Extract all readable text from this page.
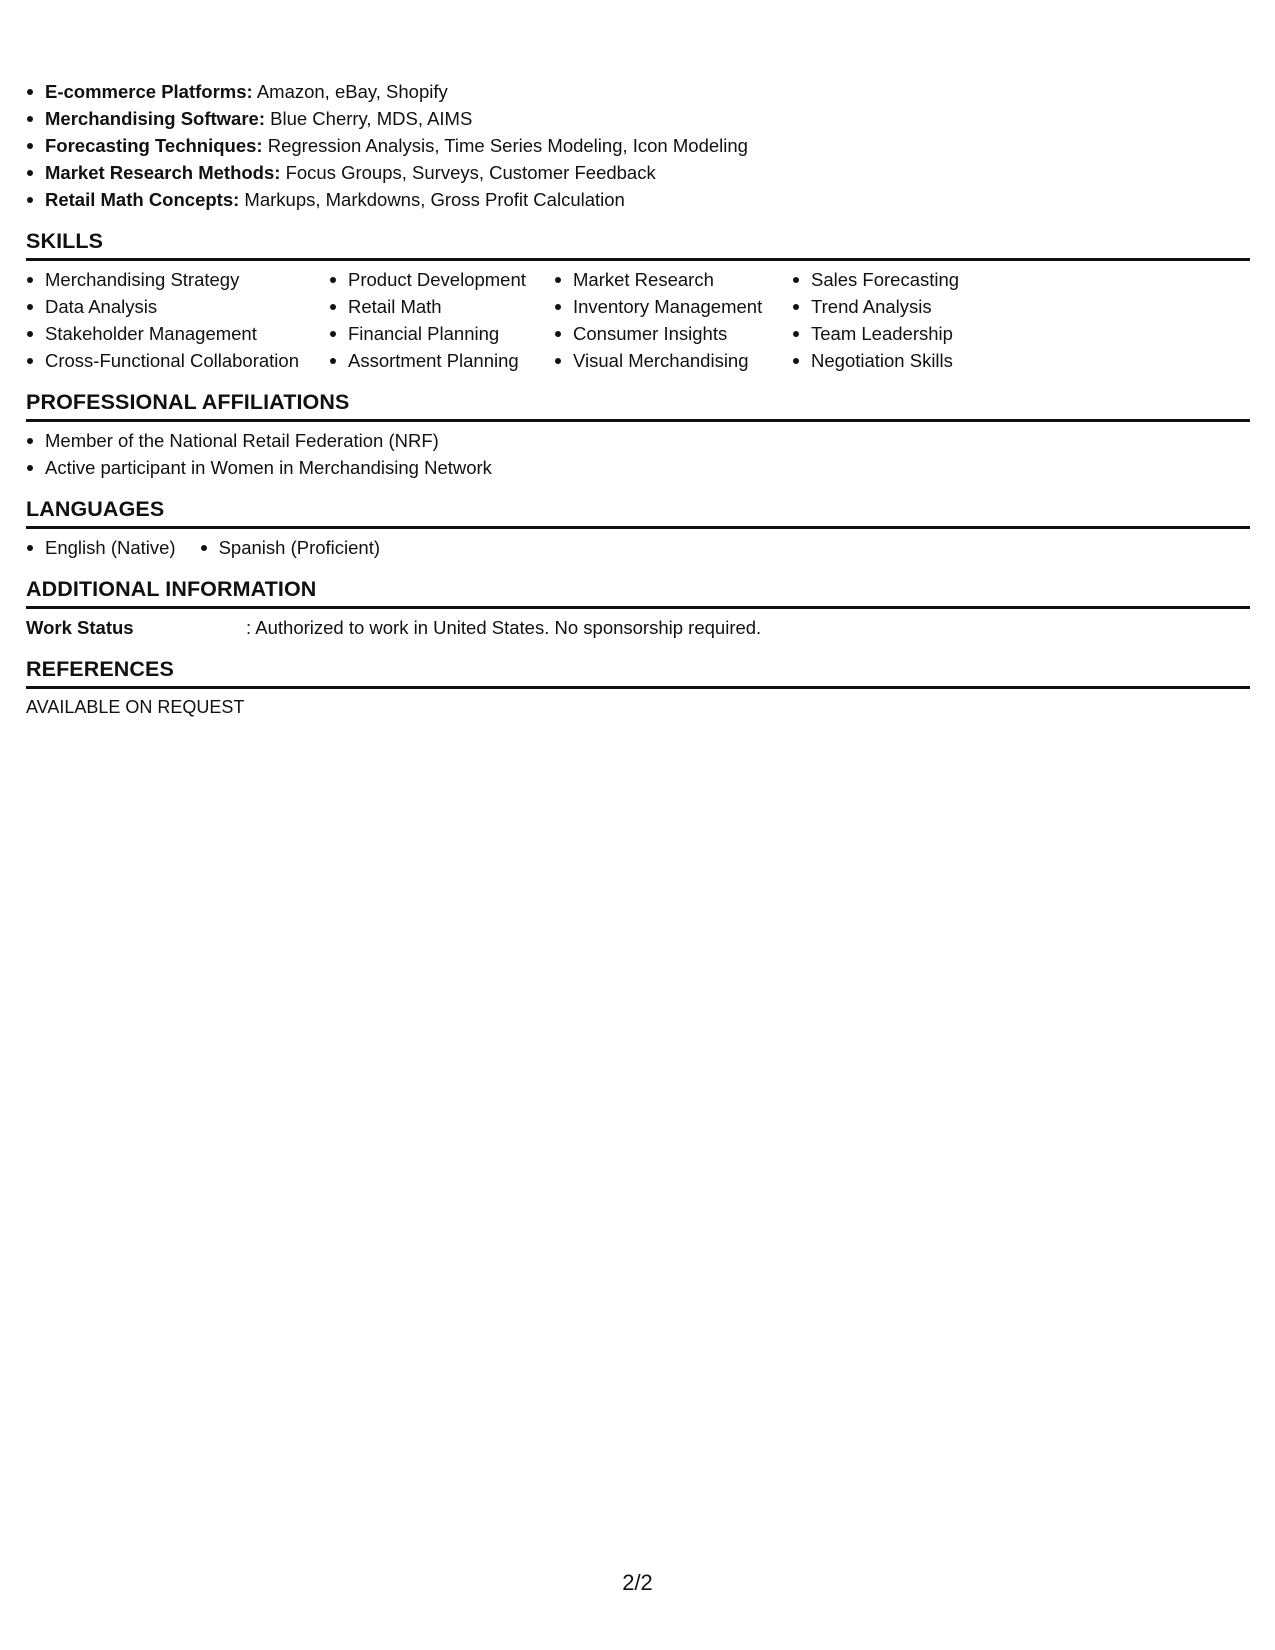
E-commerce Platforms: Amazon, eBay, Shopify
Merchandising Software: Blue Cherry, MDS, AIMS
Forecasting Techniques: Regression Analysis, Time Series Modeling, Icon Modeling
Market Research Methods: Focus Groups, Surveys, Customer Feedback
Retail Math Concepts: Markups, Markdowns, Gross Profit Calculation
SKILLS
Merchandising Strategy
Data Analysis
Stakeholder Management
Cross-Functional Collaboration
Product Development
Retail Math
Financial Planning
Assortment Planning
Market Research
Inventory Management
Consumer Insights
Visual Merchandising
Sales Forecasting
Trend Analysis
Team Leadership
Negotiation Skills
PROFESSIONAL AFFILIATIONS
Member of the National Retail Federation (NRF)
Active participant in Women in Merchandising Network
LANGUAGES
English (Native)	Spanish (Proficient)
ADDITIONAL INFORMATION
Work Status	: Authorized to work in United States. No sponsorship required.
REFERENCES
AVAILABLE ON REQUEST
2/2
